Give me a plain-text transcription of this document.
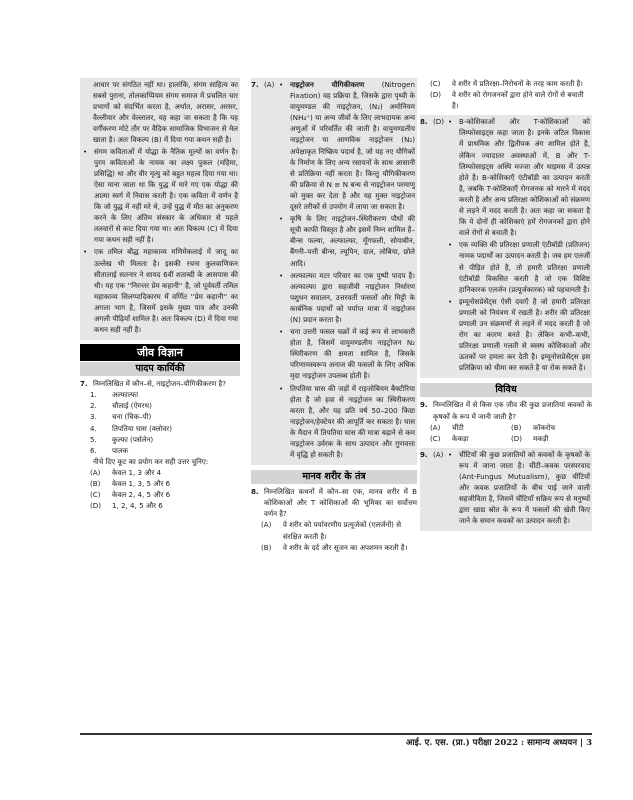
आधार पर संगठित नहीं था। हालांकि, संगम साहित्य का सबसे पुराना, तोलकाप्पियम संगम समाज में प्रचलित चार प्रभागों को संदर्भित करता है, अर्थात, अरासर, अरसर, वैल्लीयार और वेल्लालर, यह कहा जा सकता है कि यह वर्गीकरण मोटे तौर पर वैदिक सामाजिक विभाजन से मेल खाता है। अतः विकल्प (B) में दिया गया कथन सही है।
• संगम कविताओं में योद्धा के नैतिक मूल्यों का वर्णन है। पुरम कविताओं के नायक का लक्ष्य पुकल (महिमा, प्रसिद्धि) था और वीर मृत्यु को बहुत महत्व दिया गया था। ऐसा माना जाता था कि युद्ध में मारे गए एक योद्धा की आत्मा स्वर्ग में निवास करती है। एक कविता में वर्णन है कि जो युद्ध में नहीं मरे थे, उन्हें युद्ध में मौत का अनुकरण करने के लिए अंतिम संस्कार के अधिकार से पहले तलवारों से काट दिया गया था। अतः विकल्प (C) में दिया गया कथन सही नहीं है।
• एक तमिल बौद्ध महाकाव्य मणिमेकलाई में जादू का उल्लेख भी मिलता है। इसकी रचना कुलवाणिकन सीतालाई सतनार ने शायद 6वीं शताब्दी के आसपास की थी। यह एक ''निरन्तर प्रेम कहानी'' है, जो पूर्ववर्ती तमिल महाकाव्य सिलप्पादिकारम में वर्णित ''प्रेम कहानी'' का अगला भाग है, जिसमें इसके मुख्य पात्र और उनकी अगली पीढ़ियाँ शामिल है। अतः विकल्प (D) में दिया गया कथन सही नहीं है।
जीव विज्ञान
पादप कार्यिकी
7. निम्नलिखित में कौन–से, नाइट्रोजन–यौगिकीकरण है?
1.	अल्फाल्फा
2.	चौलाई (ऐमरथ)
3.	चना (चिक–पी)
4.	तिपतिया घास (क्लोवर)
5.	कुल्फा (पर्सलेन)
6.	पालक
नीचे दिए कूट का प्रयोग कर सही उत्तर चुनिए:
(A)	केवल 1, 3 और 4
(B)	केवल 1, 3, 5 और 6
(C)	केवल 2, 4, 5 और 6
(D)	1, 2, 4, 5 और 6
7. (A) • नाइट्रोजन यौगिकीकरण (Nitrogen Fixation) वह प्रक्रिया है, जिसके द्वारा पृथ्वी के वायुमण्डल की नाइट्रोजन, (N₂) अमोनियम (NH₄⁺) या अन्य जीवों के लिए लाभदायक अन्य अणुओं में परिवर्तित की जाती है। वायुमण्डलीय नाइट्रोजन या आणविक नाइट्रोजन (N₂) अपेक्षाकृत निष्क्रिय पदार्थ है, जो यह नए यौगिकों के निर्माण के लिए अन्य रसायनों के साथ आसानी से प्रतिक्रिया नहीं करता है। किन्तु यौगिकीकरण की प्रक्रिया से N ≡ N बन्ध से नाइट्रोजन परमाणु को मुक्त कर देता है और यह मुक्त नाइट्रोजन दूसरे तरीकों से उपयोग में लाया जा सकता है।
• कृषि के लिए नाइट्रोजन–स्थिरीकरण पौधों की सूची काफी विस्तृत है और इसमें निम्न शामिल है– बीन्स फल्या, अल्फाल्फा, मूँगफली, सोयाबीन, बैंगनी–पत्ती बीन्स, ल्यूपिन, दाल, लोबिया, छोले आदि।
• अल्फाल्फा मटर परिवार का एक पुष्पी पादप है। अल्फाल्फा द्वारा सहजीवी नाइट्रोजन निर्धारण पशुधन सवालन, उत्तरवर्ती फसलों और मिट्टी के कार्बनिक पदार्थों को पर्याप्त मात्रा में नाइट्रोजन (N) प्रदान करता है।
• चना उत्तरी फसल चक्रों में कई रूप से लाभकारी होता है, जिसमें वायुमण्डलीय नाइट्रोजन N₂ स्थिरीकरण की क्षमता शामिल है, जिसके परिणामस्वरूप अनाज की फसलों के लिए अधिक मृदा नाइट्रोजन उपलब्ध होती है।
• तिपतिया घास की जड़ों में राइजोबियम बैक्टीरिया होता है जो हवा से नाइट्रोजन का स्थिरीकरण करता है, और यह प्रति वर्ष 50–200 किग्रा नाइट्रोजन/हेक्टेयर की आपूर्ति कर सकता है। घास के मैदान में तिपतिया घास की मात्रा बढ़ाने से कम नाइट्रोजन उर्वरक के साथ उत्पादन और गुणवत्ता में वृद्धि हो सकती है।
मानव शरीर के तंत्र
8. निम्नलिखित कथनों में कौन–सा एक, मानव शरीर में B कोशिकाओं और T कोशिकाओं की भूमिका का सर्वोत्तम वर्णन है?
(A)	वे शरीर को पर्यावरणीय प्रत्यूर्जकों (एलर्जनों) से संरक्षित करती है।
(B)	वे शरीर के दर्द और सूजन का अपशमन करती है।
(C)	वे शरीर में प्रतिरक्षा–निरोधनों के तरह काम करती है।
(D)	वे शरीर को रोगजनकों द्वारा होने वाले रोगों से बचाती है।
8. (D) • B-कोशिकाओं और T-कोशिकाओं को लिम्फोसाइट्स कहा जाता है। इनके जटिल विकास में प्राथमिक और द्वितीयक अंग शामिल होते है, लेकिन ज्यादातर अवस्थाओं में, B और T-लिम्फोसाइट्स अस्थि मज्जा और थाइमस में उत्पन्न होते है। B-कोशिकाएँ एंटीबॉडी का उत्पादन करती है, जबकि T-कोशिकाएँ रोगजनक को मारने में मदद करती है और अन्य प्रतिरक्षा कोशिकाओं को संक्रमण से लड़ने में मदद करती है। अतः कहा जा सकता है कि ये दोनों ही कोशिकाएं हमें रोगजनकों द्वारा होने वाले रोगों से बचाती है।
• एक व्यक्ति की प्रतिरक्षा प्रणाली एंटीबॉडी (प्रतिजन) नामक पदार्थों का उत्पादन करती है। जब हम एलर्जी से पीड़ित होते है, तो हमारी प्रतिरक्षा प्रणाली एंटीबॉडी विकसित करती है जो एक विशिष्ट हानिकारक एलर्जन (प्रत्यूर्जकारक) को पहचानती है।
• इम्यूनोसप्रेसेंट्स ऐसी दवाएँ है जो हमारी प्रतिरक्षा प्रणाली को नियंत्रण में रखती है। शरीर की प्रतिरक्षा प्रणाली उन संक्रमणों से लड़ने में मदद करती है जो रोग का कारण बनते है। लेकिन कभी–कभी, प्रतिरक्षा प्रणाली गलती से स्वस्थ कोशिकाओं और ऊतकों पर हमला कर देती है। इम्यूनोसप्रेसेंट्स इस प्रतिक्रिया को धीमा कर सकते है या रोक सकते है।
विविध
9. निम्नलिखित में से किस एक जीव की कुछ प्रजातियां कवकों के कृषकों के रूप में जानी जाती है?
(A)	चींटी	(B)	कॉकरोच
(C)	केकड़ा	(D)	मकड़ी
9. (A) • चींटियों की कुछ प्रजातियों को कवकों के कृषकों के रूप में जाना जाता है। चींटी–कवक परस्परवाद (Ant-Fungus Mutualism), कुछ चींटियों और कवक प्रजातियों के बीच पाई जाने वाली सहजीविता है, जिसमें चींटियाँ सक्रिय रूप से मनुष्यों द्वारा खाद्य स्रोत के रूप में फसलों की खेती किए जाने के समान कवकों का उत्पादन करती है।
आई. ए. एस. (प्रा.) परीक्षा 2022 : सामान्य अध्ययन | 3
